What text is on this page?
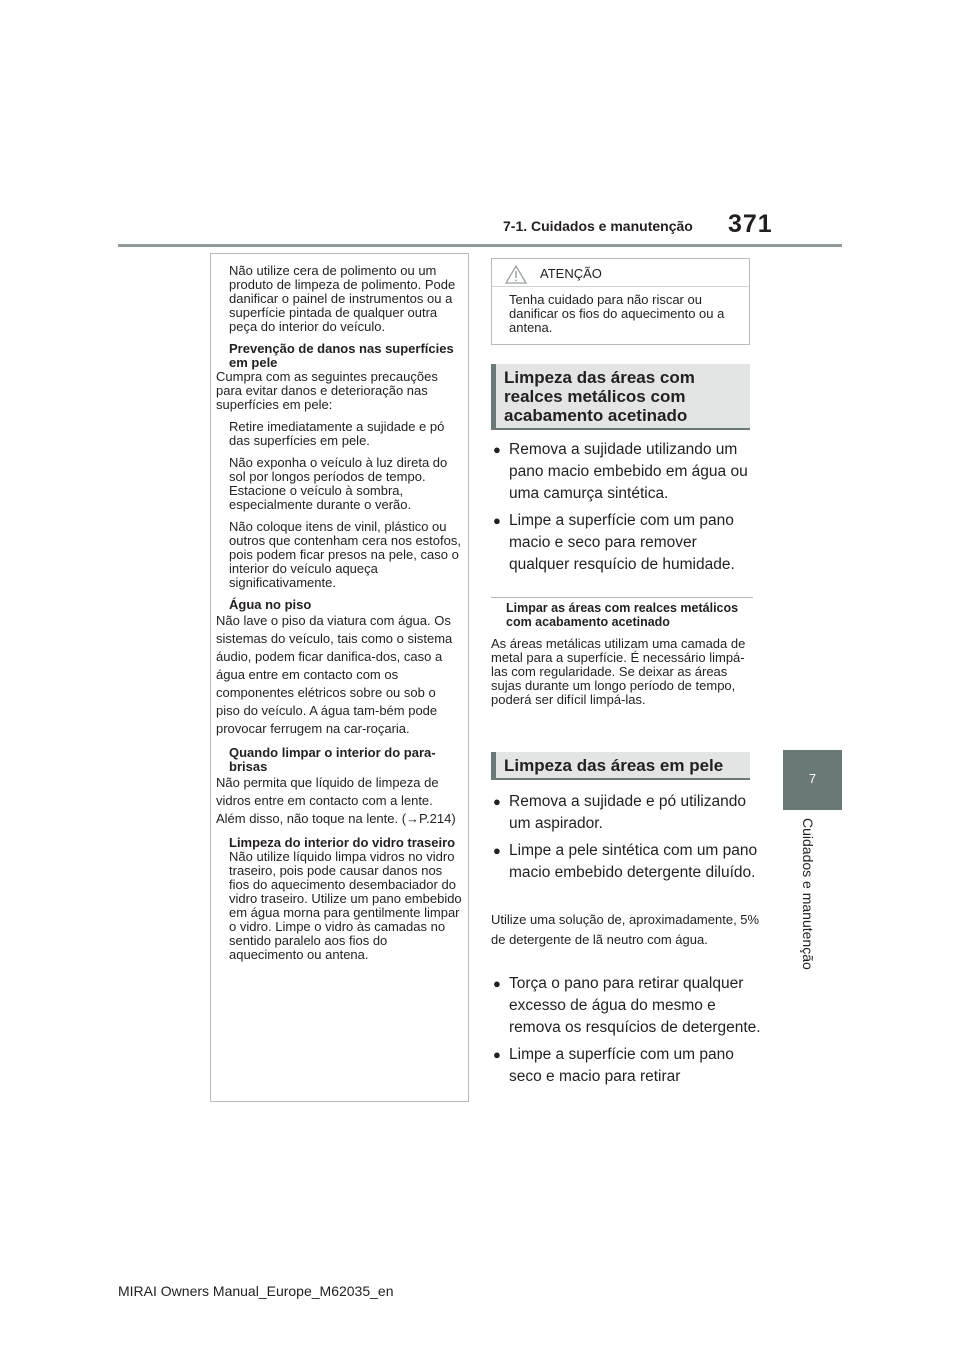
7-1. Cuidados e manutenção 371
7
Cuidados e manutenção

Não utilize cera de polimento ou um produto de limpeza de polimento. Pode danificar o painel de instrumentos ou a superfície pintada de qualquer outra peça do interior do veículo.

Prevenção de danos nas superfícies em pele

Cumpra com as seguintes precauções para evitar danos e deterioração nas superfícies em pele:

Retire imediatamente a sujidade e pó das superfícies em pele.

Não exponha o veículo à luz direta do sol por longos períodos de tempo. Estacione o veículo à sombra, especialmente durante o verão.

Não coloque itens de vinil, plástico ou outros que contenham cera nos estofos, pois podem ficar presos na pele, caso o interior do veículo aqueça significativamente.

Água no piso

Não lave o piso da viatura com água. Os sistemas do veículo, tais como o sistema áudio, podem ficar danifica-dos, caso a água entre em contacto com os componentes elétricos sobre ou sob o piso do veículo. A água tam-bém pode provocar ferrugem na car-roçaria.

Quando limpar o interior do para-brisas

Não permita que líquido de limpeza de vidros entre em contacto com a lente. Além disso, não toque na lente. (→P.214)

Limpeza do interior do vidro traseiro

Não utilize líquido limpa vidros no vidro traseiro, pois pode causar danos nos fios do aquecimento desembaciador do vidro traseiro. Utilize um pano embebido em água morna para gentilmente limpar o vidro. Limpe o vidro às camadas no sentido paralelo aos fios do aquecimento ou antena.

ATENÇÃO

Tenha cuidado para não riscar ou danificar os fios do aquecimento ou a antena.

Limpeza das áreas com realces metálicos com acabamento acetinado
● Remova a sujidade utilizando um pano macio embebido em água ou uma camurça sintética.
● Limpe a superfície com um pano macio e seco para remover qualquer resquício de humidade.
Limpar as áreas com realces metálicos com acabamento acetinado
As áreas metálicas utilizam uma camada de metal para a superfície. É necessário limpá-las com regularidade. Se deixar as áreas sujas durante um longo período de tempo, poderá ser difícil limpá-las.
Limpeza das áreas em pele
● Remova a sujidade e pó utilizando um aspirador.
● Limpe a pele sintética com um pano macio embebido detergente diluído.
Utilize uma solução de, aproximadamente, 5% de detergente de lã neutro com água.
● Torça o pano para retirar qualquer excesso de água do mesmo e remova os resquícios de detergente.
● Limpe a superfície com um pano seco e macio para retirar
MIRAI Owners Manual_Europe_M62035_en
